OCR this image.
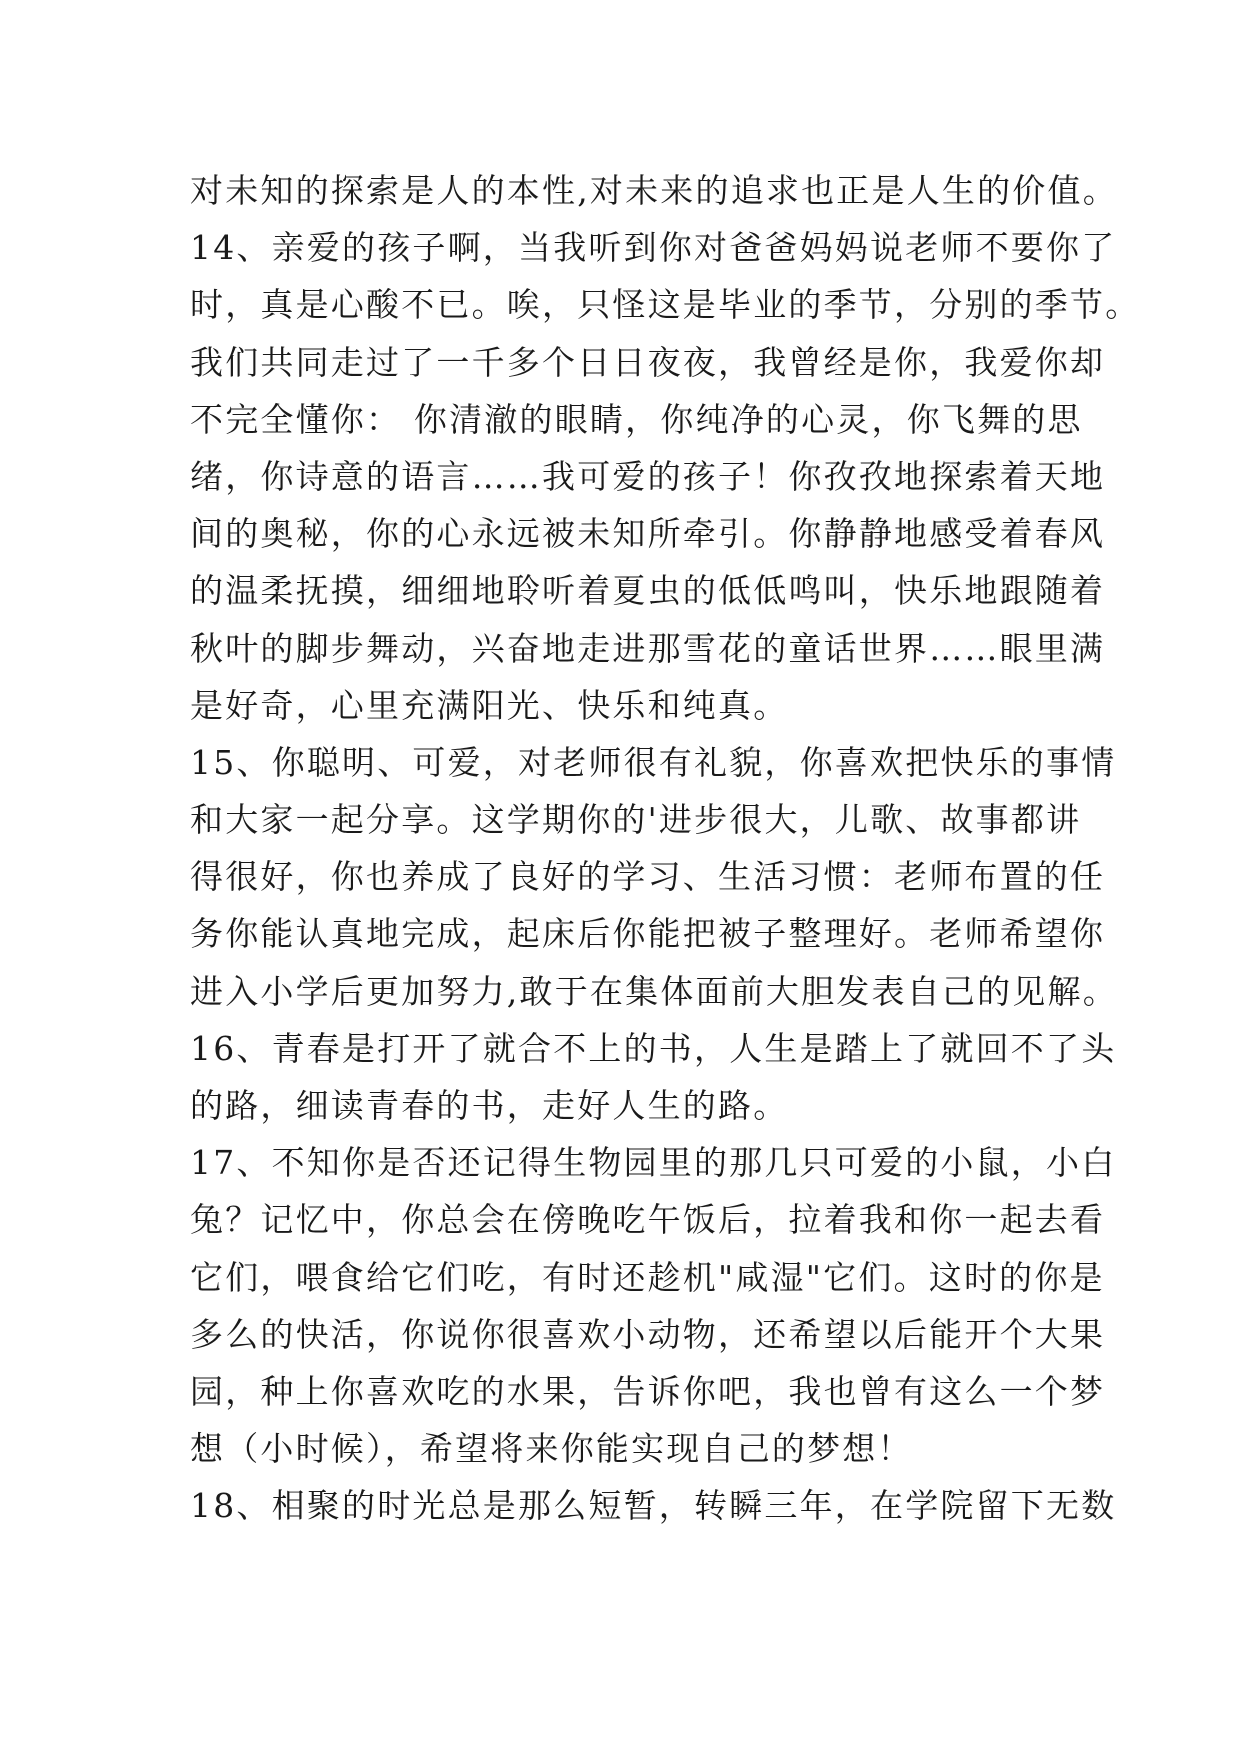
对未知的探索是人的本性,对未来的追求也正是人生的价值。
14、亲爱的孩子啊，当我听到你对爸爸妈妈说老师不要你了
时，真是心酸不已。唉，只怪这是毕业的季节，分别的季节。
我们共同走过了一千多个日日夜夜，我曾经是你，我爱你却
不完全懂你： 你清澈的眼睛，你纯净的心灵，你飞舞的思
绪，你诗意的语言……我可爱的孩子！你孜孜地探索着天地
间的奥秘，你的心永远被未知所牵引。你静静地感受着春风
的温柔抚摸，细细地聆听着夏虫的低低鸣叫，快乐地跟随着
秋叶的脚步舞动，兴奋地走进那雪花的童话世界……眼里满
是好奇，心里充满阳光、快乐和纯真。
15、你聪明、可爱，对老师很有礼貌，你喜欢把快乐的事情
和大家一起分享。这学期你的'进步很大，儿歌、故事都讲
得很好，你也养成了良好的学习、生活习惯：老师布置的任
务你能认真地完成，起床后你能把被子整理好。老师希望你
进入小学后更加努力,敢于在集体面前大胆发表自己的见解。
16、青春是打开了就合不上的书，人生是踏上了就回不了头
的路，细读青春的书，走好人生的路。
17、不知你是否还记得生物园里的那几只可爱的小鼠，小白
兔？记忆中，你总会在傍晚吃午饭后，拉着我和你一起去看
它们，喂食给它们吃，有时还趁机"咸湿"它们。这时的你是
多么的快活，你说你很喜欢小动物，还希望以后能开个大果
园，种上你喜欢吃的水果，告诉你吧，我也曾有这么一个梦
想（小时候），希望将来你能实现自己的梦想！
18、相聚的时光总是那么短暂，转瞬三年，在学院留下无数
